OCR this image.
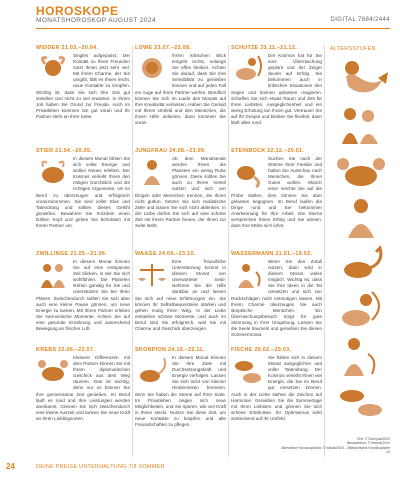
HOROSKOPE
MONATSHOROSKOP AUGUST 2024	DIGITAL 7884/2444
WIDDER 21.03.–20.04.
Singles aufgepasst: Der Kontakt zu Ihren Freunden nützt Ihnen jetzt sehr viel. Mit ihrem Charme, der Sie umgibt, fällt es Ihnen leicht, neue Kontakte zu knüpfen. Wichtig ist, dass Sie sich Ihre Zeit gut einteilen und nicht zu viel erwarten. In Ihrem Job haben Sie Grund zur Freude. Auch im Privatleben kommen Sie gut voran und Ihr Partner steht an Ihrer Seite.
LÖWE 23.07.–23.08.
Ihrem kritischen Blick entgeht nichts, solange Sie offen bleiben. Achten Sie darauf, dass Sie Ihre Sensibilität zu genießen können und auf jeden Fall ein Auge auf Ihren Partner werfen. Beruflich können Sie sich im Laufe des Monats auf Ihre Kreativität verlassen. Haben Sie Geduld mit Ihrem Umfeld und den Menschen, die Ihnen Hilfe anbieten, dann kommen Sie voran.
SCHÜTZE 23.11.–21.12.
Der Kosmos hat für Sie eine Überraschung geplant und der Zeiger deutet auf Erfolg. Sie bekommen auch in kritischen Situationen den Segen und können gelassen reagieren. Schaffen Sie sich etwas Raum und Zeit für Ihren Liebsten, Ausgeglichenheit und ein wenig Erholung tun Ihnen gut. Vertrauen Sie auf Ihr Gespür und bleiben Sie flexibel, dann läuft alles rund.
STIER 21.04.–20.05.
In diesem Monat fühlen Sie sich voller Energie und wollen Neues erleben. Der Kosmos verleiht Ihnen den nötigen Durchblick und die richtigen Argumente, um im Beruf zu überzeugen und erfolgreich voranzukommen. Sie sind voller Elan und Tatendrang und sollten dieses Gefühl genießen. Bewahren Sie trotzdem einen kühlen Kopf und gehen Sie behutsam mit Ihrem Partner um.
JUNGFRAU 24.08.–23.09.
Ab dem Monatsende werden Ihnen die Planeten ein wenig Ruhe gönnen. Diese sollten Sie auch zu Ihrem Vorteil nutzen und sich von Dingen oder Menschen trennen, die Ihnen nicht guttun. Setzen Sie sich realistische Ziele und lassen Sie sich nicht ablenken. In der Liebe dürfen Sie sich auf eine schöne Zeit mit Ihrem Partner freuen, der Ihnen zur Seite steht.
STEINBOCK 22.12.–20.01.
Suchen Sie nach der Wärme Ihrer Familie und halten Sie Ausschau nach Menschen, die Ihnen Gutes wollen. Manch einer möchte Sie auf die Probe stellen, dem können Sie aber gelassen begegnen. Im Beruf laufen die Dinge rund und Sie bekommen Anerkennung für Ihre Arbeit. Die Sterne versprechen Ihnen Erfolg und Sie wissen, dass Ihre Mühe sich lohnt.
ZWILLINGE 21.05.–21.06.
In diesem Monat können Sie auf eine entspannte Zeit blicken, in der Sie sich wohlfühlen. Die Planeten stehen günstig für Sie und unterstützen Sie bei Ihren Plänen. Zwischendurch sollten Sie sich aber auch eine kleine Pause gönnen, um neue Energie zu tanken. Mit Ihrem Partner erleben Sie harmonische Momente. Achten Sie auf eine gesunde Ernährung und ausreichend Bewegung an frischer Luft.
WAAGE 24.09.–23.10.
Eine freundliche Unterstützung kommt in diesem Monat von unerwarteter Seite. Nehmen Sie die Hilfe dankbar an und lassen Sie sich auf neue Erfahrungen ein. Sie können Ihr Selbstbewusstsein stärken und gehen mutig Ihren Weg. In der Liebe entstehen schöne Momente, und auch im Beruf sind Sie erfolgreich, weil Sie mit Charme und Geschick überzeugen.
WASSERMANN 21.01.–19.02.
Wenn Sie den Zufall nutzen, dann wird in diesem Monat vieles möglich. Wichtig ist, dass Sie Ihre Ideen in die Tat umsetzen und sich von Rückschlägen nicht entmutigen lassen. Mit Ihrem Charme überzeugen Sie auch skeptische Menschen. Ein Überraschungsbesuch sorgt für gute Stimmung in Ihrer Umgebung. Lassen Sie die Seele baumeln und genießen Sie diesen Sommermonat.
KREBS 22.06.–22.07.
Kleinere Differenzen mit dem Partner können Sie mit Ihrem diplomatischen Geschick aus dem Weg räumen. Das ist wichtig, denn nur so können Sie Ihre gemeinsame Zeit genießen. Im Beruf läuft es rund und Ihre Leistungen werden anerkannt. Gönnen Sie sich zwischendurch eine kleine Auszeit und tanken Sie neue Kraft an Ihren Lieblingsorten.
SKORPION 24.10.–22.11.
In diesem Monat können Sie Ihre Ziele mit Durchsetzungskraft und Energie verfolgen. Lassen Sie sich nicht von kleinen Hindernissen bremsen, denn Sie haben die Sterne auf Ihrer Seite. Im Privatleben zeigen sich neue Möglichkeiten, und Sie spüren, wie viel Kraft in Ihnen steckt. Nutzen Sie diese Zeit, um neue Kontakte zu knüpfen und alte Freundschaften zu pflegen.
FISCHE 20.02.–20.03.
Sie fühlen sich in diesem Monat ausgeglichen und voller Tatendrang. Der Kosmos verleiht Ihnen viel Energie, die Sie im Beruf gut einsetzen können. Auch in der Liebe stehen die Zeichen auf Harmonie. Genießen Sie die Sommertage mit Ihren Liebsten und gönnen Sie sich schöne Erlebnisse. Ihr Optimismus wirkt ansteckend auf Ihr Umfeld.
ALTERSSTUFEN
Text: © Scheyda/2024
Illustrationen: © freepik/2024
Alternative Horoskopbilder: © fotolia/2024 – Bildnachweis Horoskopseite 24
24	DEINE PREISE UNTERHALTUNG 7/8 SOMMER
